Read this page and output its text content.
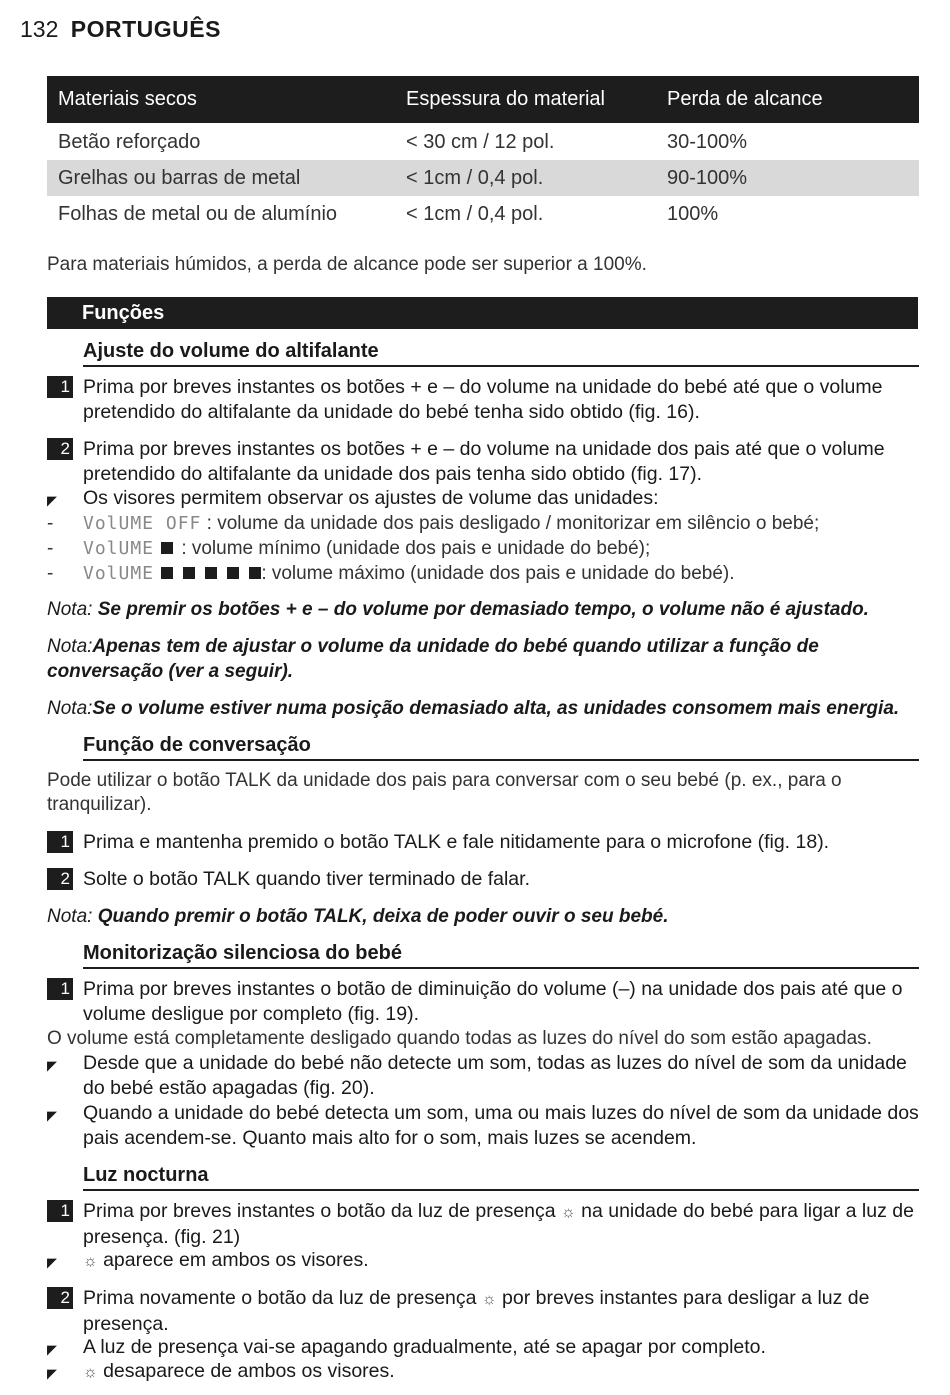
132 PORTUGUÊS
Materiais secos	Espessura do material	Perda de alcance
Betão reforçado	< 30 cm / 12 pol.	30-100%
Grelhas ou barras de metal	< 1cm / 0,4 pol.	90-100%
Folhas de metal ou de alumínio	< 1cm / 0,4 pol.	100%
Para materiais húmidos, a perda de alcance pode ser superior a 100%.
Funções
Ajuste do volume do altifalante
1 Prima por breves instantes os botões + e – do volume na unidade do bebé até que o volume pretendido do altifalante da unidade do bebé tenha sido obtido (fig. 16).
2 Prima por breves instantes os botões + e – do volume na unidade dos pais até que o volume pretendido do altifalante da unidade dos pais tenha sido obtido (fig. 17).
◤	Os visores permitem observar os ajustes de volume das unidades:
-	VolUME OFF : volume da unidade dos pais desligado / monitorizar em silêncio o bebé;
-	VolUME : volume mínimo (unidade dos pais e unidade do bebé);
-	VolUME	: volume máximo (unidade dos pais e unidade do bebé).
Nota: Se premir os botões + e – do volume por demasiado tempo, o volume não é ajustado.
Nota:Apenas tem de ajustar o volume da unidade do bebé quando utilizar a função de conversação (ver a seguir).
Nota:Se o volume estiver numa posição demasiado alta, as unidades consomem mais energia.
Função de conversação
Pode utilizar o botão TALK da unidade dos pais para conversar com o seu bebé (p. ex., para o tranquilizar).
1 Prima e mantenha premido o botão TALK e fale nitidamente para o microfone (fig. 18).
2 Solte o botão TALK quando tiver terminado de falar.
Nota: Quando premir o botão TALK, deixa de poder ouvir o seu bebé.
Monitorização silenciosa do bebé
1 Prima por breves instantes o botão de diminuição do volume (–) na unidade dos pais até que o volume desligue por completo (fig. 19).
O volume está completamente desligado quando todas as luzes do nível do som estão apagadas.
◤	Desde que a unidade do bebé não detecte um som, todas as luzes do nível de som da unidade do bebé estão apagadas (fig. 20).
◤	Quando a unidade do bebé detecta um som, uma ou mais luzes do nível de som da unidade dos pais acendem-se. Quanto mais alto for o som, mais luzes se acendem.
Luz nocturna
1 Prima por breves instantes o botão da luz de presença ☼ na unidade do bebé para ligar a luz de presença. (fig. 21)
◤	☼ aparece em ambos os visores.
2 Prima novamente o botão da luz de presença ☼ por breves instantes para desligar a luz de presença.
◤	A luz de presença vai-se apagando gradualmente, até se apagar por completo.
◤	☼ desaparece de ambos os visores.
